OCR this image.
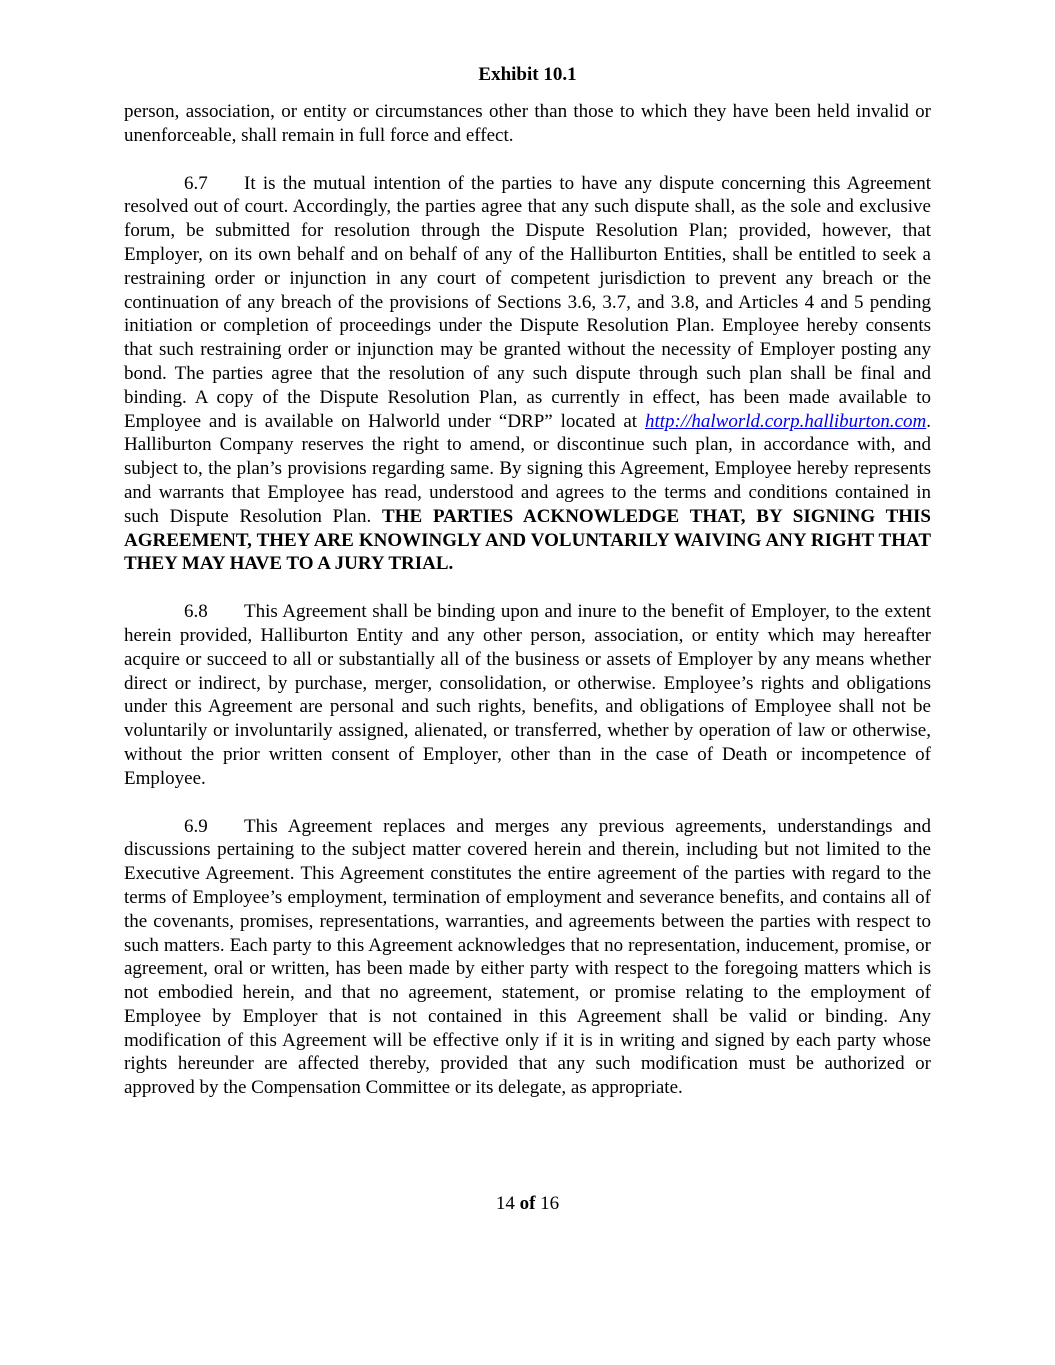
Exhibit 10.1

person, association, or entity or circumstances other than those to which they have been held invalid or unenforceable, shall remain in full force and effect.

6.7 It is the mutual intention of the parties to have any dispute concerning this Agreement resolved out of court. Accordingly, the parties agree that any such dispute shall, as the sole and exclusive forum, be submitted for resolution through the Dispute Resolution Plan; provided, however, that Employer, on its own behalf and on behalf of any of the Halliburton Entities, shall be entitled to seek a restraining order or injunction in any court of competent jurisdiction to prevent any breach or the continuation of any breach of the provisions of Sections 3.6, 3.7, and 3.8, and Articles 4 and 5 pending initiation or completion of proceedings under the Dispute Resolution Plan. Employee hereby consents that such restraining order or injunction may be granted without the necessity of Employer posting any bond. The parties agree that the resolution of any such dispute through such plan shall be final and binding. A copy of the Dispute Resolution Plan, as currently in effect, has been made available to Employee and is available on Halworld under “DRP” located at http://halworld.corp.halliburton.com. Halliburton Company reserves the right to amend, or discontinue such plan, in accordance with, and subject to, the plan’s provisions regarding same. By signing this Agreement, Employee hereby represents and warrants that Employee has read, understood and agrees to the terms and conditions contained in such Dispute Resolution Plan. THE PARTIES ACKNOWLEDGE THAT, BY SIGNING THIS AGREEMENT, THEY ARE KNOWINGLY AND VOLUNTARILY WAIVING ANY RIGHT THAT THEY MAY HAVE TO A JURY TRIAL.

6.8 This Agreement shall be binding upon and inure to the benefit of Employer, to the extent herein provided, Halliburton Entity and any other person, association, or entity which may hereafter acquire or succeed to all or substantially all of the business or assets of Employer by any means whether direct or indirect, by purchase, merger, consolidation, or otherwise. Employee’s rights and obligations under this Agreement are personal and such rights, benefits, and obligations of Employee shall not be voluntarily or involuntarily assigned, alienated, or transferred, whether by operation of law or otherwise, without the prior written consent of Employer, other than in the case of Death or incompetence of Employee.

6.9 This Agreement replaces and merges any previous agreements, understandings and discussions pertaining to the subject matter covered herein and therein, including but not limited to the Executive Agreement. This Agreement constitutes the entire agreement of the parties with regard to the terms of Employee’s employment, termination of employment and severance benefits, and contains all of the covenants, promises, representations, warranties, and agreements between the parties with respect to such matters. Each party to this Agreement acknowledges that no representation, inducement, promise, or agreement, oral or written, has been made by either party with respect to the foregoing matters which is not embodied herein, and that no agreement, statement, or promise relating to the employment of Employee by Employer that is not contained in this Agreement shall be valid or binding. Any modification of this Agreement will be effective only if it is in writing and signed by each party whose rights hereunder are affected thereby, provided that any such modification must be authorized or approved by the Compensation Committee or its delegate, as appropriate.

14 of 16
